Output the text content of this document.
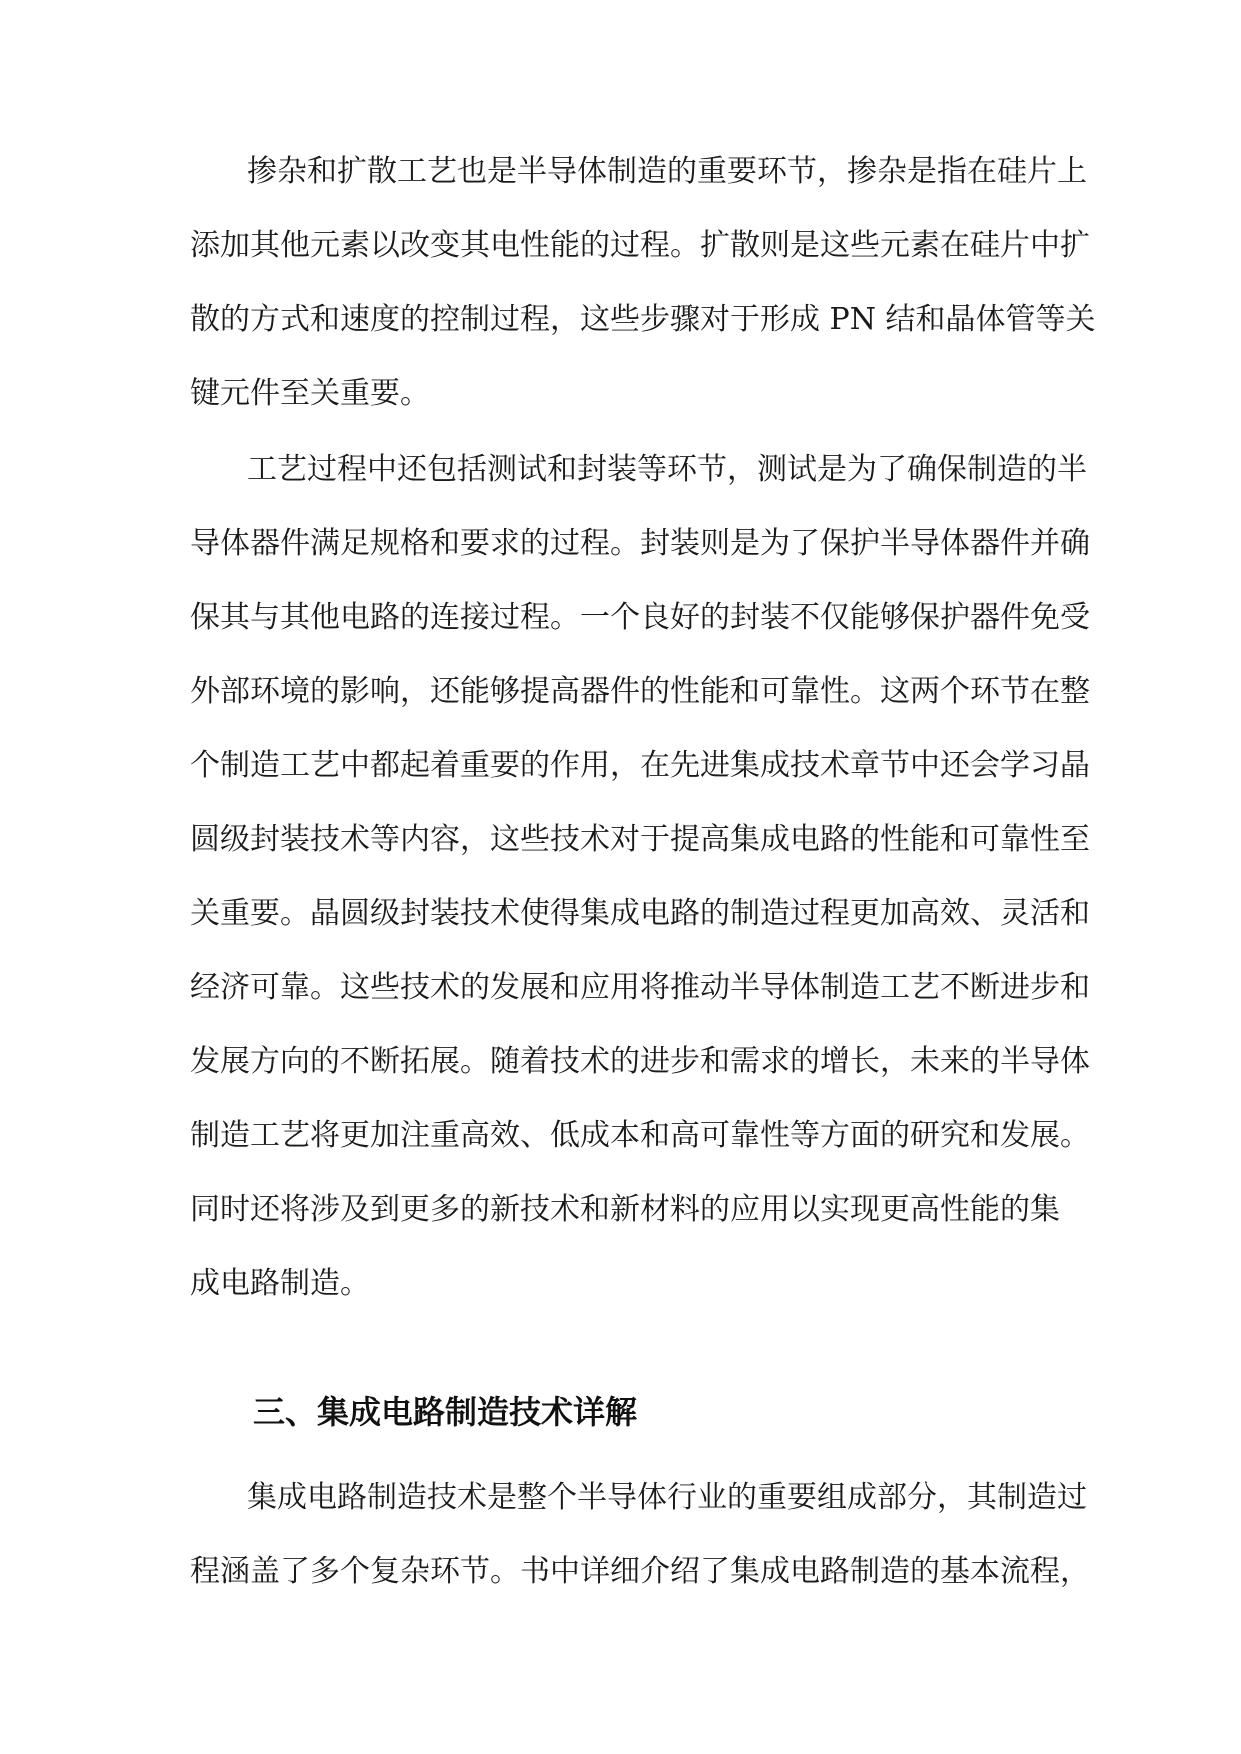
掺杂和扩散工艺也是半导体制造的重要环节，掺杂是指在硅片上
添加其他元素以改变其电性能的过程。扩散则是这些元素在硅片中扩
散的方式和速度的控制过程，这些步骤对于形成 PN 结和晶体管等关
键元件至关重要。
工艺过程中还包括测试和封装等环节，测试是为了确保制造的半
导体器件满足规格和要求的过程。封装则是为了保护半导体器件并确
保其与其他电路的连接过程。一个良好的封装不仅能够保护器件免受
外部环境的影响，还能够提高器件的性能和可靠性。这两个环节在整
个制造工艺中都起着重要的作用，在先进集成技术章节中还会学习晶
圆级封装技术等内容，这些技术对于提高集成电路的性能和可靠性至
关重要。晶圆级封装技术使得集成电路的制造过程更加高效、灵活和
经济可靠。这些技术的发展和应用将推动半导体制造工艺不断进步和
发展方向的不断拓展。随着技术的进步和需求的增长，未来的半导体
制造工艺将更加注重高效、低成本和高可靠性等方面的研究和发展。
同时还将涉及到更多的新技术和新材料的应用以实现更高性能的集
成电路制造。
三、集成电路制造技术详解
集成电路制造技术是整个半导体行业的重要组成部分，其制造过
程涵盖了多个复杂环节。书中详细介绍了集成电路制造的基本流程，
